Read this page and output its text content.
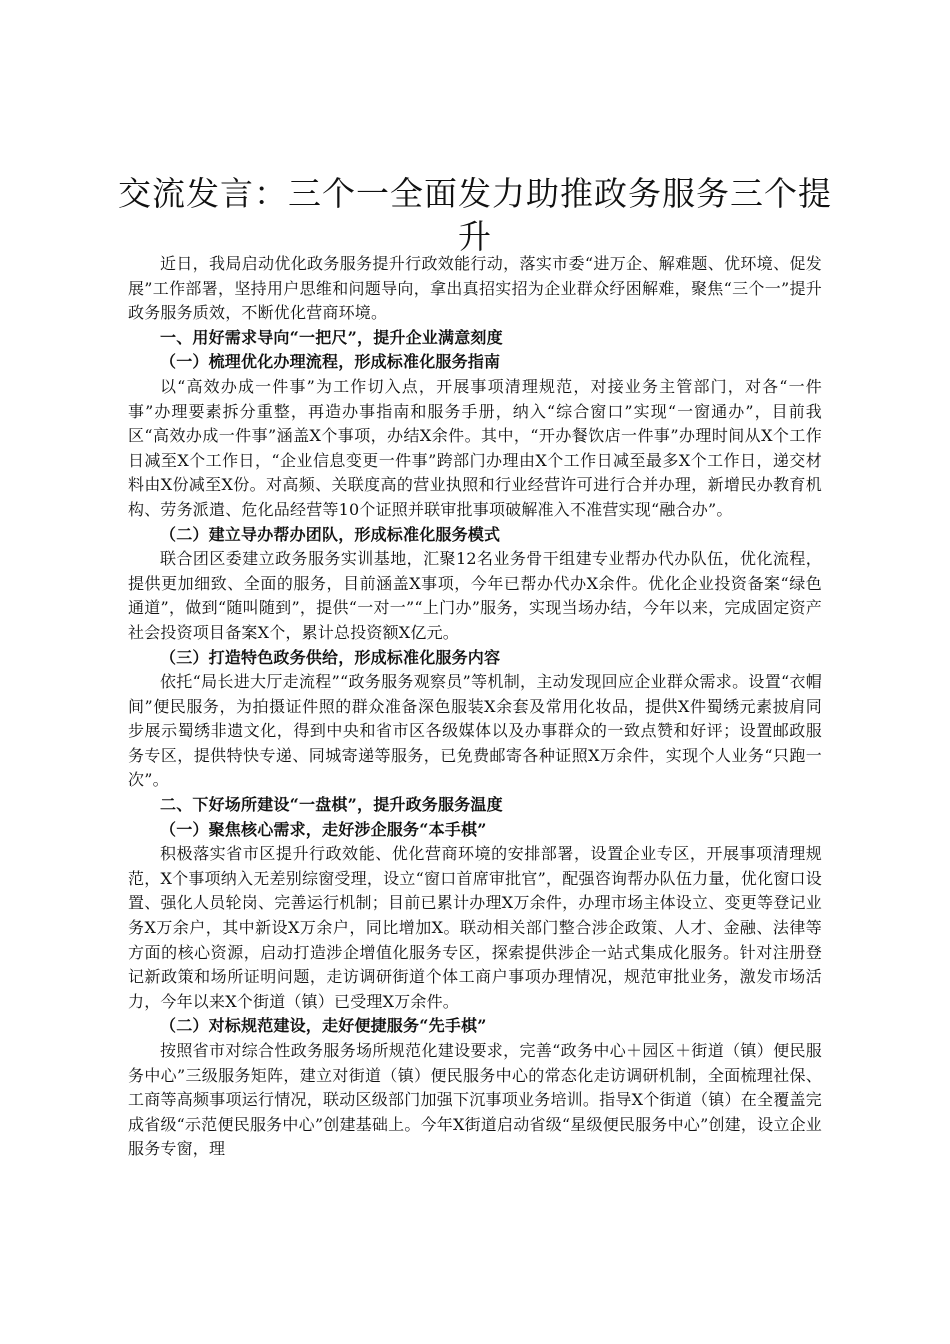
交流发言：三个一全面发力助推政务服务三个提升

近日，我局启动优化政务服务提升行政效能行动，落实市委“进万企、解难题、优环境、促发展”工作部署，坚持用户思维和问题导向，拿出真招实招为企业群众纾困解难，聚焦“三个一”提升政务服务质效，不断优化营商环境。

一、用好需求导向“一把尺”，提升企业满意刻度

（一）梳理优化办理流程，形成标准化服务指南

以“高效办成一件事”为工作切入点，开展事项清理规范，对接业务主管部门，对各“一件事”办理要素拆分重整，再造办事指南和服务手册，纳入“综合窗口”实现“一窗通办”，目前我区“高效办成一件事”涵盖X个事项，办结X余件。其中，“开办餐饮店一件事”办理时间从X个工作日减至X个工作日，“企业信息变更一件事”跨部门办理由X个工作日减至最多X个工作日，递交材料由X份减至X份。对高频、关联度高的营业执照和行业经营许可进行合并办理，新增民办教育机构、劳务派遣、危化品经营等10个证照并联审批事项破解准入不准营实现“融合办”。

（二）建立导办帮办团队，形成标准化服务模式

联合团区委建立政务服务实训基地，汇聚12名业务骨干组建专业帮办代办队伍，优化流程，提供更加细致、全面的服务，目前涵盖X事项，今年已帮办代办X余件。优化企业投资备案“绿色通道”，做到“随叫随到”，提供“一对一”“上门办”服务，实现当场办结，今年以来，完成固定资产社会投资项目备案X个，累计总投资额X亿元。

（三）打造特色政务供给，形成标准化服务内容

依托“局长进大厅走流程”“政务服务观察员”等机制，主动发现回应企业群众需求。设置“衣帽间”便民服务，为拍摄证件照的群众准备深色服装X余套及常用化妆品，提供X件蜀绣元素披肩同步展示蜀绣非遗文化，得到中央和省市区各级媒体以及办事群众的一致点赞和好评；设置邮政服务专区，提供特快专递、同城寄递等服务，已免费邮寄各种证照X万余件，实现个人业务“只跑一次”。

二、下好场所建设“一盘棋”，提升政务服务温度

（一）聚焦核心需求，走好涉企服务“本手棋”

积极落实省市区提升行政效能、优化营商环境的安排部署，设置企业专区，开展事项清理规范，X个事项纳入无差别综窗受理，设立“窗口首席审批官”，配强咨询帮办队伍力量，优化窗口设置、强化人员轮岗、完善运行机制；目前已累计办理X万余件，办理市场主体设立、变更等登记业务X万余户，其中新设X万余户，同比增加X。联动相关部门整合涉企政策、人才、金融、法律等方面的核心资源，启动打造涉企增值化服务专区，探索提供涉企一站式集成化服务。针对注册登记新政策和场所证明问题，走访调研街道个体工商户事项办理情况，规范审批业务，激发市场活力，今年以来X个街道（镇）已受理X万余件。

（二）对标规范建设，走好便捷服务“先手棋”

按照省市对综合性政务服务场所规范化建设要求，完善“政务中心＋园区＋街道（镇）便民服务中心”三级服务矩阵，建立对街道（镇）便民服务中心的常态化走访调研机制，全面梳理社保、工商等高频事项运行情况，联动区级部门加强下沉事项业务培训。指导X个街道（镇）在全覆盖完成省级“示范便民服务中心”创建基础上。今年X街道启动省级“星级便民服务中心”创建，设立企业服务专窗，理
